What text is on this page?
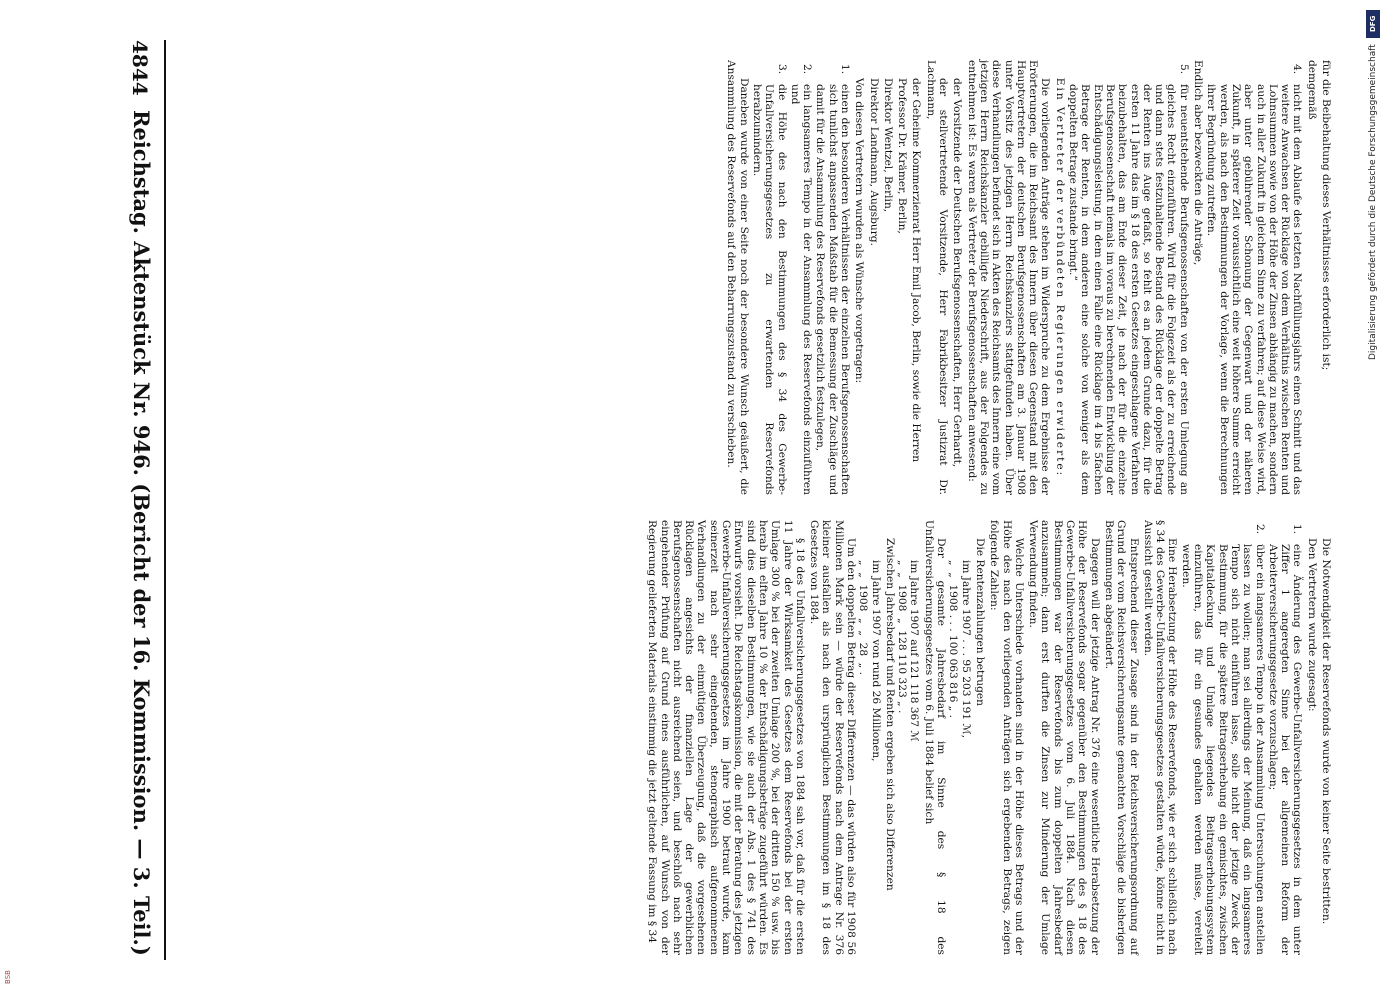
4844
Reichstag. Aktenstück Nr. 946. (Bericht der 16. Kommission. — 3. Teil.)	für die Beibehaltung dieses Verhältnisses erforderlich ist;

demgemäß

4.
nicht mit dem Ablaufe des letzten Nachfüllungsjahrs einen Schnitt und das weitere Anwachsen der Rücklage von dem Verhältnis zwischen Renten und Lohnsummen sowie von der Höhe der Zinsen abhängig zu machen, sondern auch in aller Zukunft in gleichem Sinne zu verfahren; auf diese Weise wird, aber unter gebührender Schonung der Gegenwart und der näheren Zukunft, in späterer Zeit voraussichtlich eine weit höhere Summe erreicht werden, als nach den Bestimmungen der Vorlage, wenn die Berechnungen ihrer Begründung zutreffen.

Endlich aber bezweckten die Anträge,

5.
für neuentstehende Berufsgenossenschaften von der ersten Umlegung an gleiches Recht einzuführen. Wird für die Folgezeit als der zu erreichende und dann stets festzuhaltende Bestand des Rücklage der doppelte Betrag der Renten ins Auge gefaßt, so fehlt es an jedem Grunde dazu, für die ersten 11 Jahre das im § 18 des ersten Gesetzes eingeschlagene Verfahren beizubehalten, das am Ende dieser Zeit, je nach der für die einzelne Berufsgenossenschaft niemals im voraus zu berechnenden Entwicklung der Entschädigungsleistung, in dem einen Falle eine Rücklage im 4 bis 5fachen Betrage der Renten, in dem anderen eine solche von weniger als dem doppelten Betrage zustande bringt.“

Ein Vertreter der verbündeten Regierungen erwiderte:

Die vorliegenden Anträge stehen im Widerspruche zu dem Ergebnisse der Erörterungen, die im Reichsamt des Innern über diesen Gegenstand mit den Hauptvertretern der deutschen Berufsgenossenschaften am 3. Januar 1908 unter Vorsitz des jetzigen Herrn Reichskanzlers stattgefunden haben. Über diese Verhandlungen befindet sich in Akten des Reichsamts des Innern eine vom jetzigen Herrn Reichskanzler gebilligte Niederschrift, aus der Folgendes zu entnehmen ist: Es waren als Vertreter der Berufsgenossenschaften anwesend:

der Vorsitzende der Deutschen Berufsgenossenschaften, Herr Gerhardt,

der stellvertretende Vorsitzende, Herr Fabrikbesitzer Justizrat Dr. Lachmann,

der Geheime Kommerzienrat Herr Emil Jacob, Berlin, sowie die Herren

Professor Dr. Krämer, Berlin,

Direktor Wentzel, Berlin,

Direktor Landmann, Augsburg.

Von diesen Vertretern wurden als Wünsche vorgetragen:

1.
einen den besonderen Verhältnissen der einzelnen Berufsgenossenschaften sich tunlichst anpassenden Maßstab für die Bemessung der Zuschläge und damit für die Ansammlung des Reservefonds gesetzlich festzulegen,
2.
ein langsameres Tempo in der Ansammlung des Reservefonds einzuführen und
3.
die Höhe des nach den Bestimmungen des § 34 des Gewerbe-Unfallversicherungsgesetzes zu erwartenden Reservefonds herabzumindern.

Daneben wurde von einer Seite noch der besondere Wunsch geäußert, die Ansammlung des Reservefonds auf den Beharrungszustand zu verschieben.

Die Notwendigkeit der Reservefonds wurde von keiner Seite bestritten.

Den Vertretern wurde zugesagt:

1.
eine Änderung des Gewerbe-Unfallversicherungsgesetzes in dem unter Ziffer 1 angeregten Sinne bei der allgemeinen Reform der Arbeiterversicherungsgesetze vorzuschlagen;
2.
über ein langsameres Tempo in der Ansammlung Untersuchungen anstellen lassen zu wollen; man sei allerdings der Meinung, daß ein langsameres Tempo sich nicht einführen lasse, solle nicht der jetzige Zweck der Bestimmung, für die spätere Beitragserhebung ein gemischtes, zwischen Kapitaldeckung und Umlage liegendes Beitragserhebungssystem einzuführen, das für ein gesundes gehalten werden müsse, vereitelt werden.

Eine Herabsetzung der Höhe des Reservefonds, wie er sich schließlich nach § 34 des Gewerbe-Unfallversicherungsgesetzes gestalten würde, könne nicht in Aussicht gestellt werden.

Entsprechend dieser Zusage sind in der Reichsversicherungsordnung auf Grund der vom Reichsversicherungsamte gemachten Vorschläge die bisherigen Bestimmungen abgeändert.

Dagegen will der jetzige Antrag Nr. 376 eine wesentliche Herabsetzung der Höhe der Reservefonds sogar gegenüber den Bestimmungen des § 18 des Gewerbe-Unfallversicherungsgesetzes vom 6. Juli 1884. Nach diesen Bestimmungen war der Reservefonds bis zum doppelten Jahresbedarf anzusammeln; dann erst durften die Zinsen zur Minderung der Umlage Verwendung finden.

Welche Unterschiede vorhanden sind in der Höhe dieses Betrags und der Höhe des nach den vorliegenden Anträgen sich ergebenden Betrags, zeigen folgende Zahlen:

Die Rentenzahlungen betrugen

im Jahre 1907 . . . 95 203 191 ℳ,

„  „  1908 . . . 100 063 816 „ .

Der gesamte Jahresbedarf im Sinne des § 18 des Unfallversicherungsgesetzes vom 6. Juli 1884 belief sich

im Jahre 1907 auf 121 118 367 ℳ

„  „  1908  „  128 110 323 „ .

Zwischen Jahresbedarf und Renten ergeben sich also Differenzen

im Jahre 1907 von rund 26 Millionen,

„  „  1908  „  „  28  „ .

Um den doppelten Betrag dieser Differenzen — das würden also für 1908 56 Millionen Mark sein — würde der Reservefonds nach dem Antrage Nr. 376 kleiner ausfallen als nach den ursprünglichen Bestimmungen im § 18 des Gesetzes von 1884.

§ 18 des Unfallversicherungsgesetzes von 1884 sah vor, daß für die ersten 11 Jahre der Wirksamkeit des Gesetzes dem Reservefonds bei der ersten Umlage 300 % bei der zweiten Umlage 200 %, bei der dritten 150 % usw. bis herab im elften Jahre 10 % der Entschädigungsbeträge zugeführt würden. Es sind dies dieselben Bestimmungen, wie sie auch der Abs. 1 des § 741 des Entwurfs vorsieht. Die Reichstagskommission, die mit der Beratung des jetzigen Gewerbe-Unfallversicherungsgesetzes im Jahre 1900 betraut wurde, kam seinerzeit nach sehr eingehenden, stenographisch aufgenommenen Verhandlungen zu der einmütigen Überzeugung, daß die vorgesehenen Rücklagen angesichts der finanziellen Lage der gewerblichen Berufsgenossenschaften nicht ausreichend seien, und beschloß nach sehr eingehender Prüfung auf Grund eines ausführlichen, auf Wunsch von der Regierung gelieferten Materials einstimmig die jetzt geltende Fassung im § 34

DFG
Digitalisierung gefördert durch die Deutsche Forschungsgemeinschaft
BSB
